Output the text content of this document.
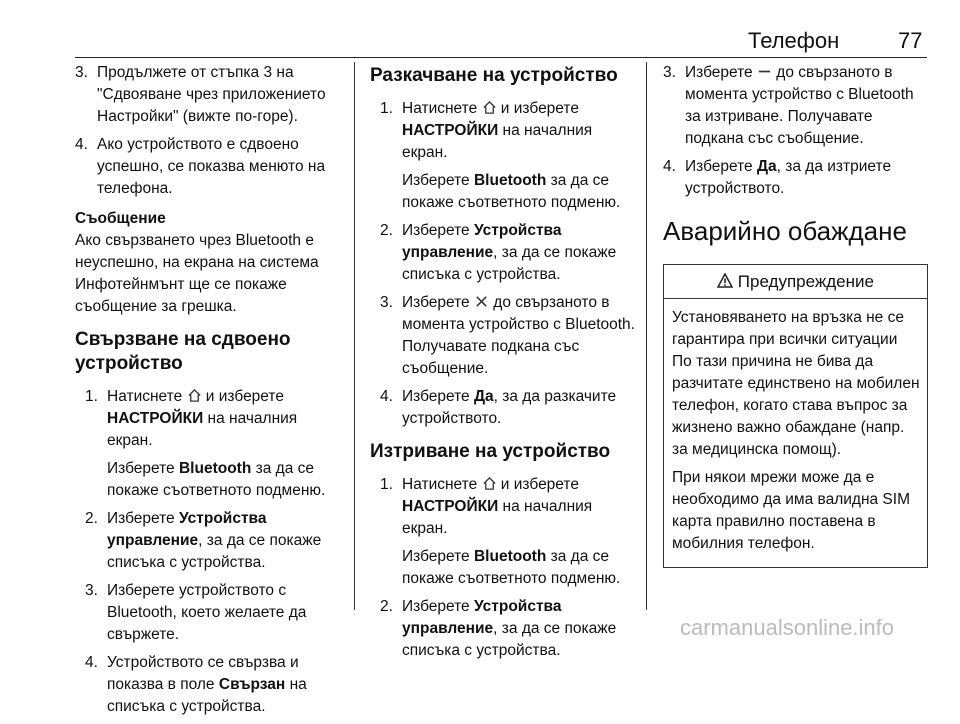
Телефон	77
3. Продължете от стъпка 3 на "Сдвояване чрез приложението Настройки" (вижте по-горе).
4. Ако устройството е сдвоено успешно, се показва менюто на телефона.
Съобщение
Ако свързването чрез Bluetooth е неуспешно, на екрана на система Инфотейнмънт ще се покаже съобщение за грешка.
Свързване на сдвоено устройство
1. Натиснете  и изберете НАСТРОЙКИ на началния екран.
Изберете Bluetooth за да се покаже съответното подменю.
2. Изберете Устройства управление, за да се покаже списъка с устройства.
3. Изберете устройството с Bluetooth, което желаете да свържете.
4. Устройството се свързва и показва в поле Свързан на списъка с устройства.
Разкачване на устройство
1. Натиснете  и изберете НАСТРОЙКИ на началния екран.
Изберете Bluetooth за да се покаже съответното подменю.
2. Изберете Устройства управление, за да се покаже списъка с устройства.
3. Изберете  до свързаното в момента устройство с Bluetooth. Получавате подкана със съобщение.
4. Изберете Да, за да разкачите устройството.
Изтриване на устройство
1. Натиснете  и изберете НАСТРОЙКИ на началния екран.
Изберете Bluetooth за да се покаже съответното подменю.
2. Изберете Устройства управление, за да се покаже списъка с устройства.
3. Изберете  до свързаното в момента устройство с Bluetooth за изтриване. Получавате подкана със съобщение.
4. Изберете Да, за да изтриете устройството.
Аварийно обаждане
Предупреждение

Установяването на връзка не се гарантира при всички ситуации По тази причина не бива да разчитате единствено на мобилен телефон, когато става въпрос за жизнено важно обаждане (напр. за медицинска помощ).

При някои мрежи може да е необходимо да има валидна SIM карта правилно поставена в мобилния телефон.

carmanualsonline.info
